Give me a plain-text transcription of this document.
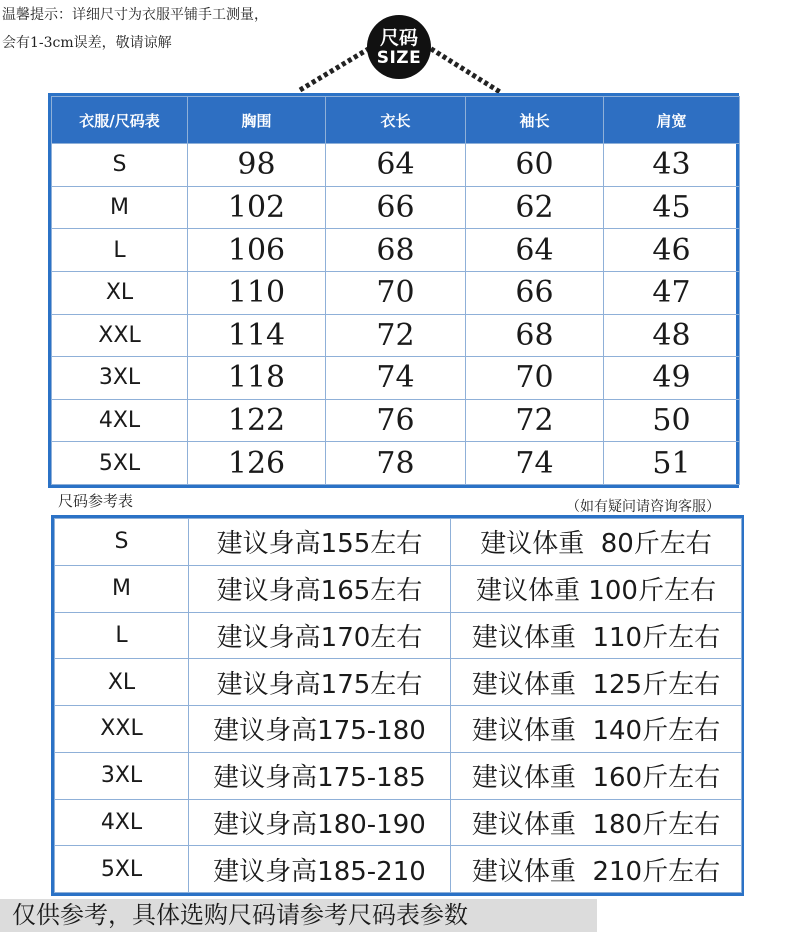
温馨提示：详细尺寸为衣服平铺手工测量，
会有1-3cm误差，敬请谅解	尺码
SIZE
衣服/尺码表	胸围	衣长	袖长	肩宽
S	98	64	60	43
M	102	66	62	45
L	106	68	64	46
XL	110	70	66	47
XXL	114	72	68	48
3XL	118	74	70	49
4XL	122	76	72	50
5XL	126	78	74	51
尺码参考表	（如有疑问请咨询客服）
S	建议身高155左右	建议体重  80斤左右
M	建议身高165左右	建议体重 100斤左右
L	建议身高170左右	建议体重  110斤左右
XL	建议身高175左右	建议体重  125斤左右
XXL	建议身高175-180	建议体重  140斤左右
3XL	建议身高175-185	建议体重  160斤左右
4XL	建议身高180-190	建议体重  180斤左右
5XL	建议身高185-210	建议体重  210斤左右
仅供参考，具体选购尺码请参考尺码表参数
